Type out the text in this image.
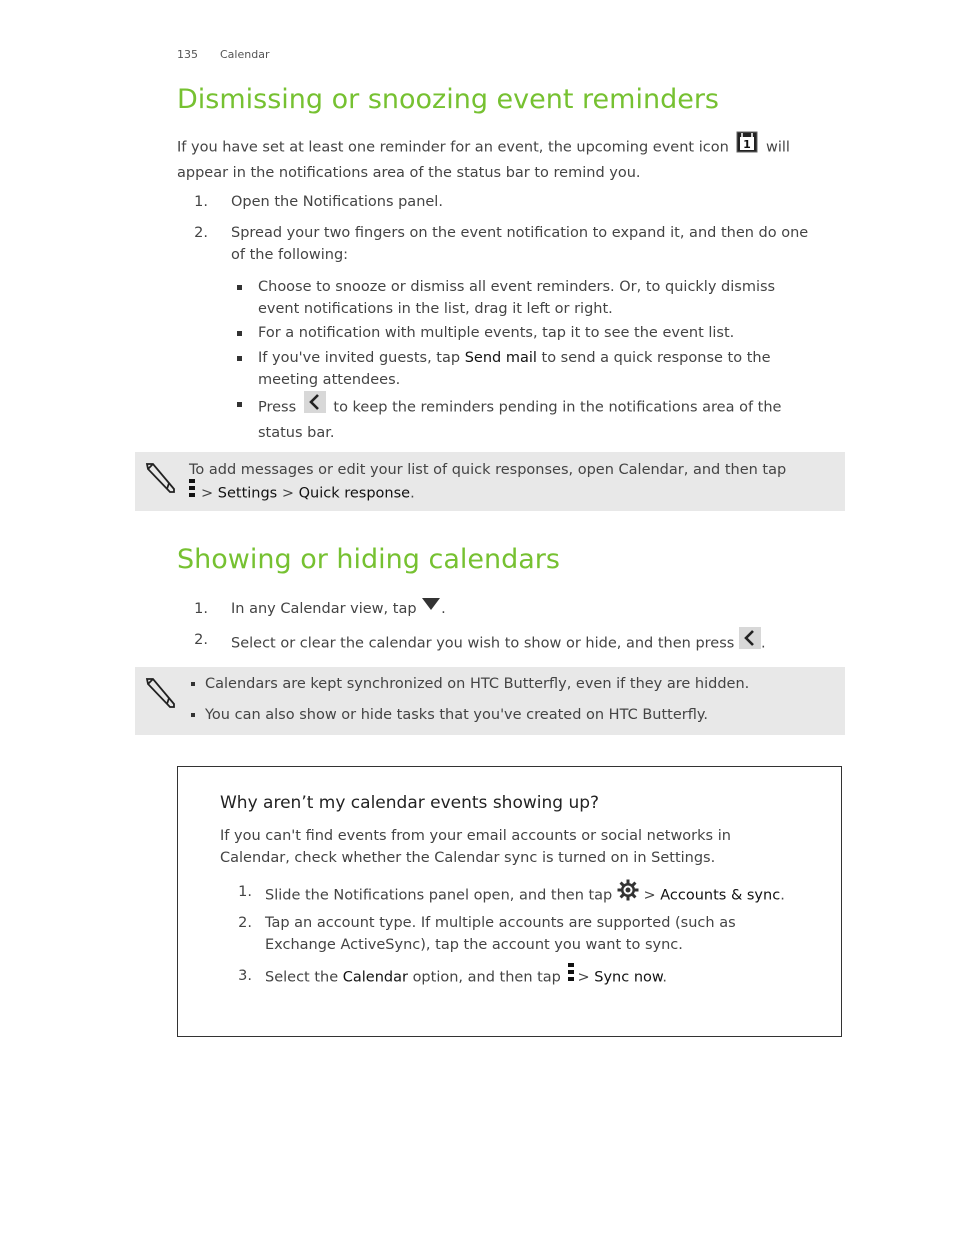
135 Calendar
Dismissing or snoozing event reminders

If you have set at least one reminder for an event, the upcoming event icon 1 will

appear in the notifications area of the status bar to remind you.

1. Open the Notifications panel.
2. Spread your two fingers on the event notification to expand it, and then do one

of the following:

Choose to snooze or dismiss all event reminders. Or, to quickly dismiss

event notifications in the list, drag it left or right.

For a notification with multiple events, tap it to see the event list.

If you've invited guests, tap Send mail to send a quick response to the

meeting attendees.

Press	to keep the reminders pending in the notifications area of the

status bar.

To add messages or edit your list of quick responses, open Calendar, and then tap

> Settings > Quick response.

Showing or hiding calendars
1. In any Calendar view, tap .

2. Select or clear the calendar you wish to show or hide, and then press .

Calendars are kept synchronized on HTC Butterfly, even if they are hidden.

You can also show or hide tasks that you've created on HTC Butterfly.

Why aren’t my calendar events showing up?

If you can't find events from your email accounts or social networks in

Calendar, check whether the Calendar sync is turned on in Settings.

1. Slide the Notifications panel open, and then tap > Accounts & sync.

2. Tap an account type. If multiple accounts are supported (such as

Exchange ActiveSync), tap the account you want to sync.

3. Select the Calendar option, and then tap > Sync now.
